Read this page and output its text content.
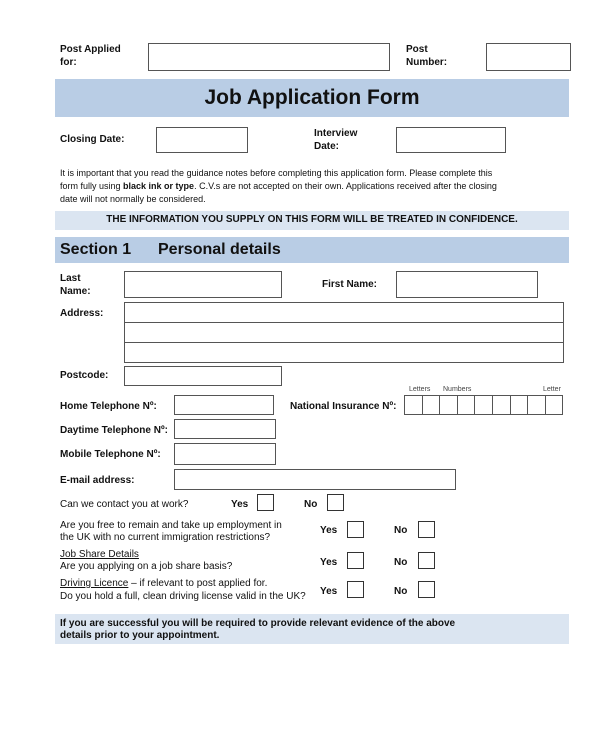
Post Applied for:
Post Number:
Job Application Form
Closing Date:
Interview Date:
It is important that you read the guidance notes before completing this application form. Please complete this
form fully using black ink or type. C.V.s are not accepted on their own. Applications received after the closing
date will not normally be considered.
THE INFORMATION YOU SUPPLY ON THIS FORM WILL BE TREATED IN CONFIDENCE.
Section 1 Personal details
Last Name:
First Name:
Address:
Postcode:
Letters Numbers	Letter
Home Telephone Nº:	National Insurance Nº:
Daytime Telephone Nº:
Mobile Telephone Nº:
E-mail address:
Can we contact you at work?	Yes	No
Are you free to remain and take up employment in
the UK with no current immigration restrictions?
Yes	No
Job Share Details
Are you applying on a job share basis?	Yes	No
Driving Licence – if relevant to post applied for.
Do you hold a full, clean driving license valid in the UK? Yes	No
If you are successful you will be required to provide relevant evidence of the above
details prior to your appointment.
